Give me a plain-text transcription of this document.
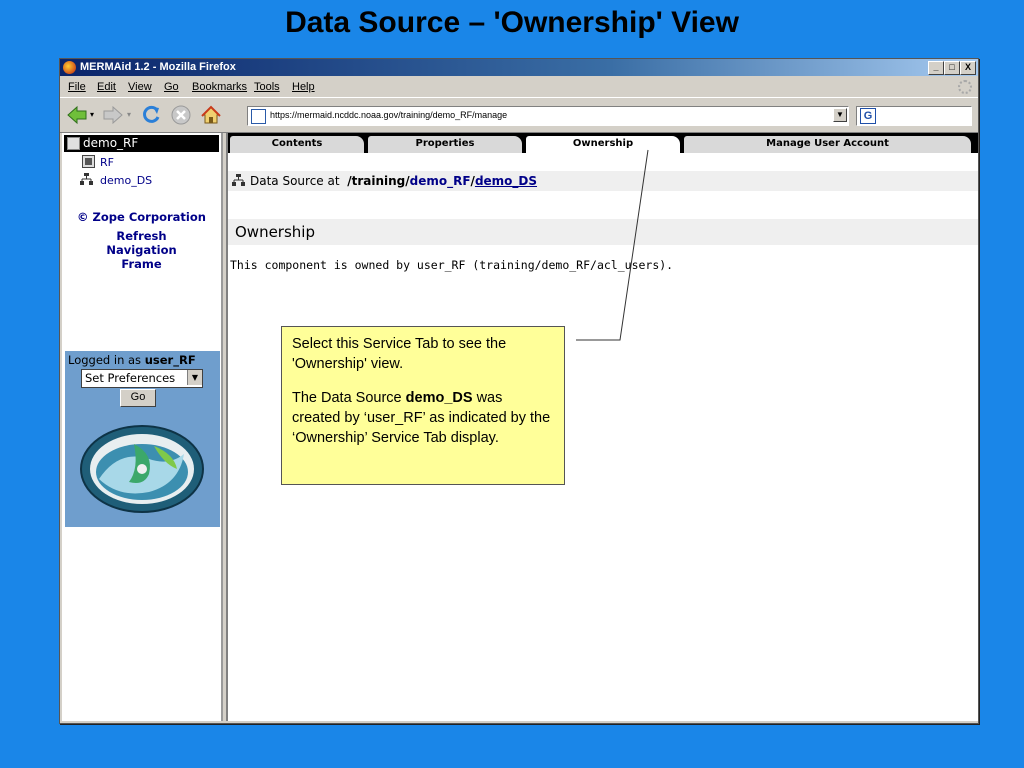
Data Source – 'Ownership' View
MERMAid 1.2 - Mozilla Firefox	_	□	X
File Edit View Go Bookmarks Tools Help
▾	▾	https://mermaid.ncddc.noaa.gov/training/demo_RF/manage	▼	G
demo_RF
RF
demo_DS
© Zope Corporation
Refresh
Navigation
Frame
Logged in as user_RF
Set Preferences	▼
Go
Contents	Properties	Ownership	Manage User Account
Data Source at /training/demo_RF/demo_DS
Ownership
This component is owned by user_RF (training/demo_RF/acl_users).

Select this Service Tab to see the 'Ownership' view.

The Data Source demo_DS was created by ‘user_RF’ as indicated by the ‘Ownership’ Service Tab display.
